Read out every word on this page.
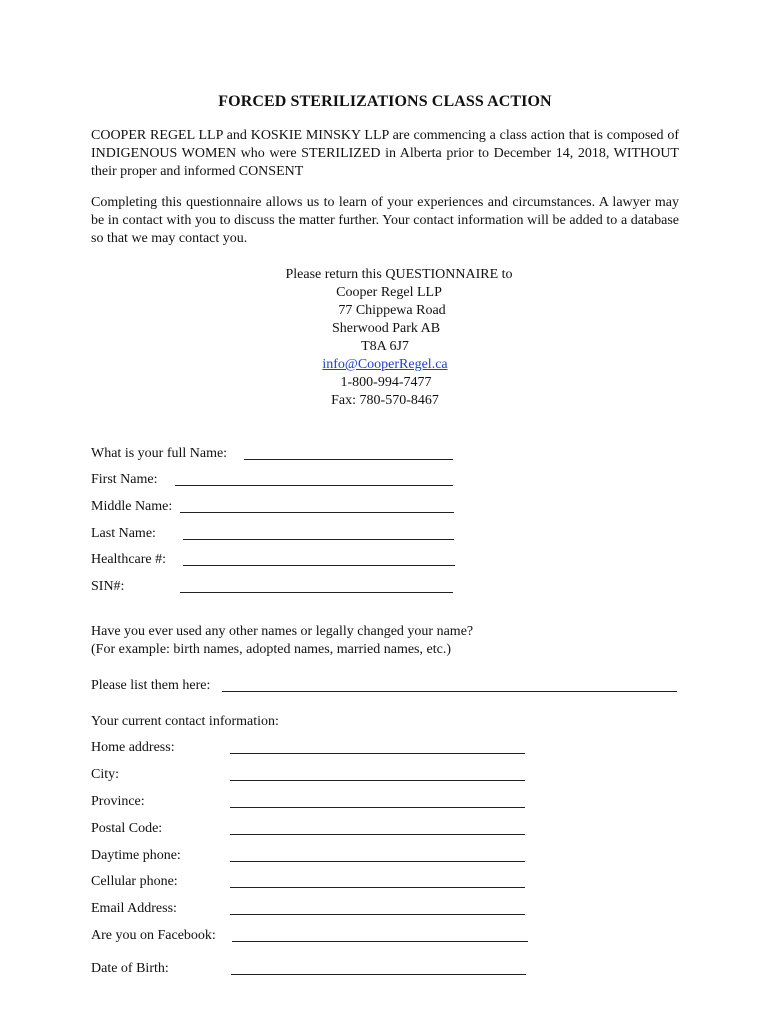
FORCED STERILIZATIONS CLASS ACTION
COOPER REGEL LLP and KOSKIE MINSKY LLP are commencing a class action that is composed of INDIGENOUS WOMEN who were STERILIZED in Alberta prior to December 14, 2018, WITHOUT their proper and informed CONSENT
Completing this questionnaire allows us to learn of your experiences and circumstances. A lawyer may be in contact with you to discuss the matter further. Your contact information will be added to a database so that we may contact you.
Please return this QUESTIONNAIRE to
Cooper Regel LLP
77 Chippewa Road
Sherwood Park AB
T8A 6J7
info@CooperRegel.ca
1-800-994-7477
Fax: 780-570-8467
What is your full Name:
First Name:
Middle Name:
Last Name:
Healthcare #:
SIN#:
Have you ever used any other names or legally changed your name?
(For example: birth names, adopted names, married names, etc.)
Please list them here:
Your current contact information:
Home address:
City:
Province:
Postal Code:
Daytime phone:
Cellular phone:
Email Address:
Are you on Facebook:
Date of Birth:
